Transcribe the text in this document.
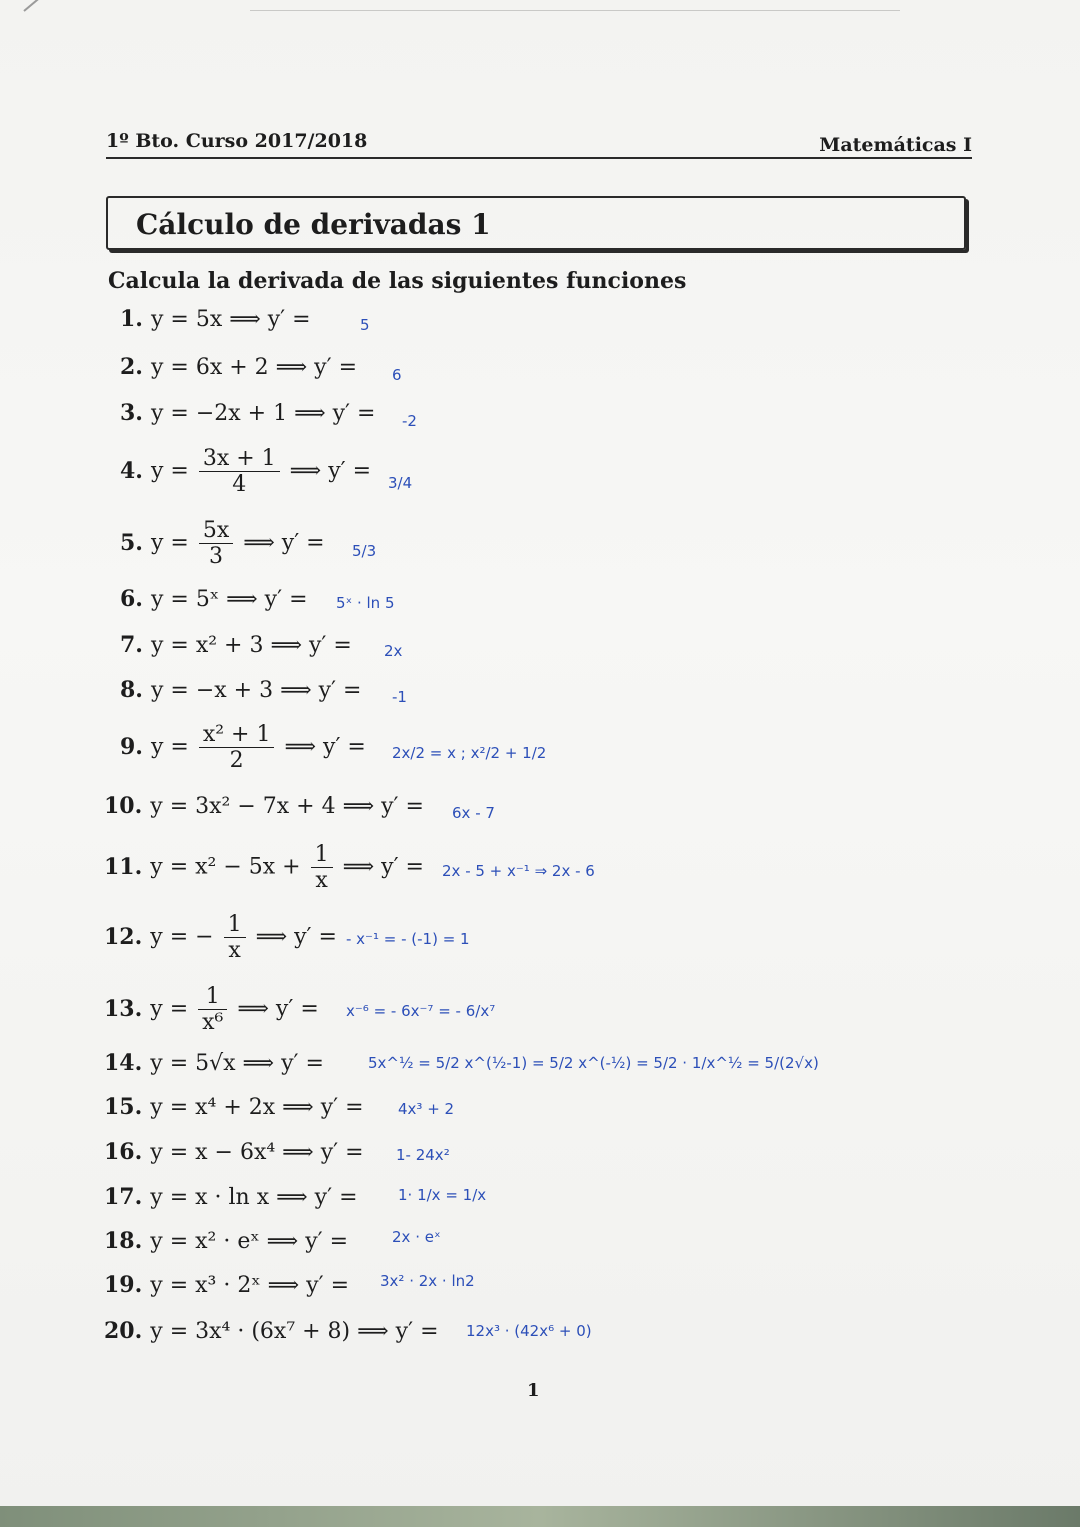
1º Bto. Curso 2017/2018	Matemáticas I
Cálculo de derivadas 1
Calcula la derivada de las siguientes funciones
1. y = 5x ⟹ y′ =
2. y = 6x + 2 ⟹ y′ =
3. y = −2x + 1 ⟹ y′ =
4. $y = \frac{3x + 1}{4}$ ⟹ y′ =
5. $y = \frac{5x}{3}$ ⟹ y′ =
6. y = 5ˣ ⟹ y′ =
7. y = x² + 3 ⟹ y′ =
8. y = −x + 3 ⟹ y′ =
9. $y = \frac{\text{x² + 1}}{2}$ ⟹ y′ =
10. y = 3x² − 7x + 4 ⟹ y′ =
11. $y = x^2 - 5x + \frac{1}{x}$ ⟹ y′ =
12. y = − $\frac{1}{x}$ ⟹ y′ =
13. $y = \frac{1}{\text{x⁶}}$ ⟹ y′ =
14. y = 5√x ⟹ y′ =
15. y = x⁴ + 2x ⟹ y′ =
16. y = x − 6x⁴ ⟹ y′ =
17. y = x · ln x ⟹ y′ =
18. y = x² · eˣ ⟹ y′ =
19. y = x³ · 2ˣ ⟹ y′ =
20. y = 3x⁴ · (6x⁷ + 8) ⟹ y′ =
5
6
-2
3/4
5/3
5ˣ · ln 5
2x
-1
2x/2 = x ; x²/2 + 1/2
6x - 7
2x - 5 + x⁻¹ ⇒ 2x - 6
- x⁻¹ = - (-1) = 1
x⁻⁶ = - 6x⁻⁷ = - 6/x⁷
5x^½ = 5/2 x^(½-1) = 5/2 x^(-½) = 5/2 · 1/x^½ = 5/(2√x)
4x³ + 2
1- 24x²
1· 1/x = 1/x
2x · eˣ
3x² · 2x · ln2
12x³ · (42x⁶ + 0)
1
